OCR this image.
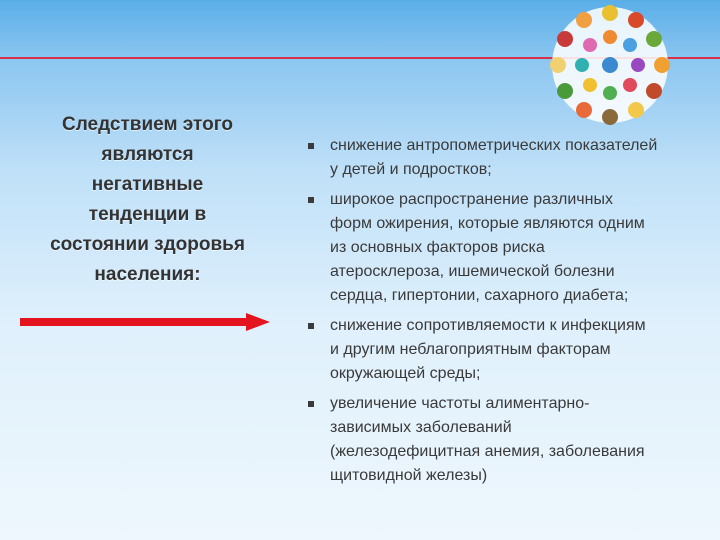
Следствием этого
являются
негативные
тенденции в
состоянии здоровья
населения:
снижение антропометрических показателей
у детей и подростков;
широкое распространение различных
форм ожирения, которые являются одним
из основных факторов риска
атеросклероза, ишемической болезни
сердца, гипертонии, сахарного диабета;
снижение сопротивляемости к инфекциям
и другим неблагоприятным факторам
окружающей среды;
увеличение частоты алиментарно-
зависимых заболеваний
(железодефицитная анемия, заболевания
щитовидной железы)
